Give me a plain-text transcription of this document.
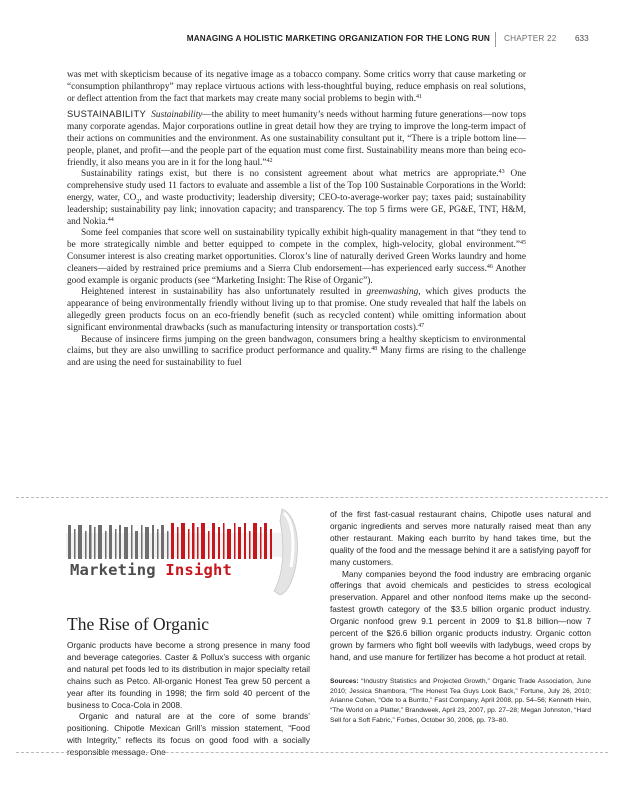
MANAGING A HOLISTIC MARKETING ORGANIZATION FOR THE LONG RUN CHAPTER 22 633

was met with skepticism because of its negative image as a tobacco company. Some critics worry that cause marketing or “consumption philanthropy” may replace virtuous actions with less-thoughtful buying, reduce emphasis on real solutions, or deflect attention from the fact that markets may create many social problems to begin with.$^{41}$

SUSTAINABILITY Sustainability—the ability to meet humanity’s needs without harming future generations—now tops many corporate agendas. Major corporations outline in great detail how they are trying to improve the long-term impact of their actions on communities and the environment. As one sustainability consultant put it, “There is a triple bottom line—people, planet, and profit—and the people part of the equation must come first. Sustainability means more than being eco-friendly, it also means you are in it for the long haul.”$^{42}$

Sustainability ratings exist, but there is no consistent agreement about what metrics are appropriate.$^{43}$ One comprehensive study used 11 factors to evaluate and assemble a list of the Top 100 Sustainable Corporations in the World: energy, water, $CO_2$, and waste productivity; leadership diversity; CEO-to-average-worker pay; taxes paid; sustainability leadership; sustainability pay link; innovation capacity; and transparency. The top 5 firms were GE, PG&E, TNT, H&M, and Nokia.$^{44}$

Some feel companies that score well on sustainability typically exhibit high-quality management in that “they tend to be more strategically nimble and better equipped to compete in the complex, high-velocity, global environment.”$^{45}$ Consumer interest is also creating market opportunities. Clorox’s line of naturally derived Green Works laundry and home cleaners—aided by restrained price premiums and a Sierra Club endorsement—has experienced early success.$^{46}$ Another good example is organic products (see “Marketing Insight: The Rise of Organic”).

Heightened interest in sustainability has also unfortunately resulted in greenwashing, which gives products the appearance of being environmentally friendly without living up to that promise. One study revealed that half the labels on allegedly green products focus on an eco-friendly benefit (such as recycled content) while omitting information about significant environmental drawbacks (such as manufacturing intensity or transportation costs).$^{47}$

Because of insincere firms jumping on the green bandwagon, consumers bring a healthy skepticism to environmental claims, but they are also unwilling to sacrifice product performance and quality.$^{48}$ Many firms are rising to the challenge and are using the need for sustainability to fuel

Marketing Insight
The Rise of Organic

Organic products have become a strong presence in many food and beverage categories. Caster & Pollux’s success with organic and natural pet foods led to its distribution in major specialty retail chains such as Petco. All-organic Honest Tea grew 50 percent a year after its founding in 1998; the firm sold 40 percent of the business to Coca-Cola in 2008.

Organic and natural are at the core of some brands’ positioning. Chipotle Mexican Grill’s mission statement, “Food with Integrity,” reflects its focus on good food with a socially responsible message. One

of the first fast-casual restaurant chains, Chipotle uses natural and organic ingredients and serves more naturally raised meat than any other restaurant. Making each burrito by hand takes time, but the quality of the food and the message behind it are a satisfying payoff for many customers.

Many companies beyond the food industry are embracing organic offerings that avoid chemicals and pesticides to stress ecological preservation. Apparel and other nonfood items make up the second-fastest growth category of the $3.5 billion organic product industry. Organic nonfood grew 9.1 percent in 2009 to $1.8 billion—now 7 percent of the $26.6 billion organic products industry. Organic cotton grown by farmers who fight boll weevils with ladybugs, weed crops by hand, and use manure for fertilizer has become a hot product at retail.

Sources: “Industry Statistics and Projected Growth,” Organic Trade Association, June 2010; Jessica Shambora, “The Honest Tea Guys Look Back,” Fortune, July 26, 2010; Arianne Cohen, “Ode to a Burrito,” Fast Company, April 2008, pp. 54–56; Kenneth Hein, “The World on a Platter,” Brandweek, April 23, 2007, pp. 27–28; Megan Johnston, “Hard Sell for a Soft Fabric,” Forbes, October 30, 2006, pp. 73–80.
